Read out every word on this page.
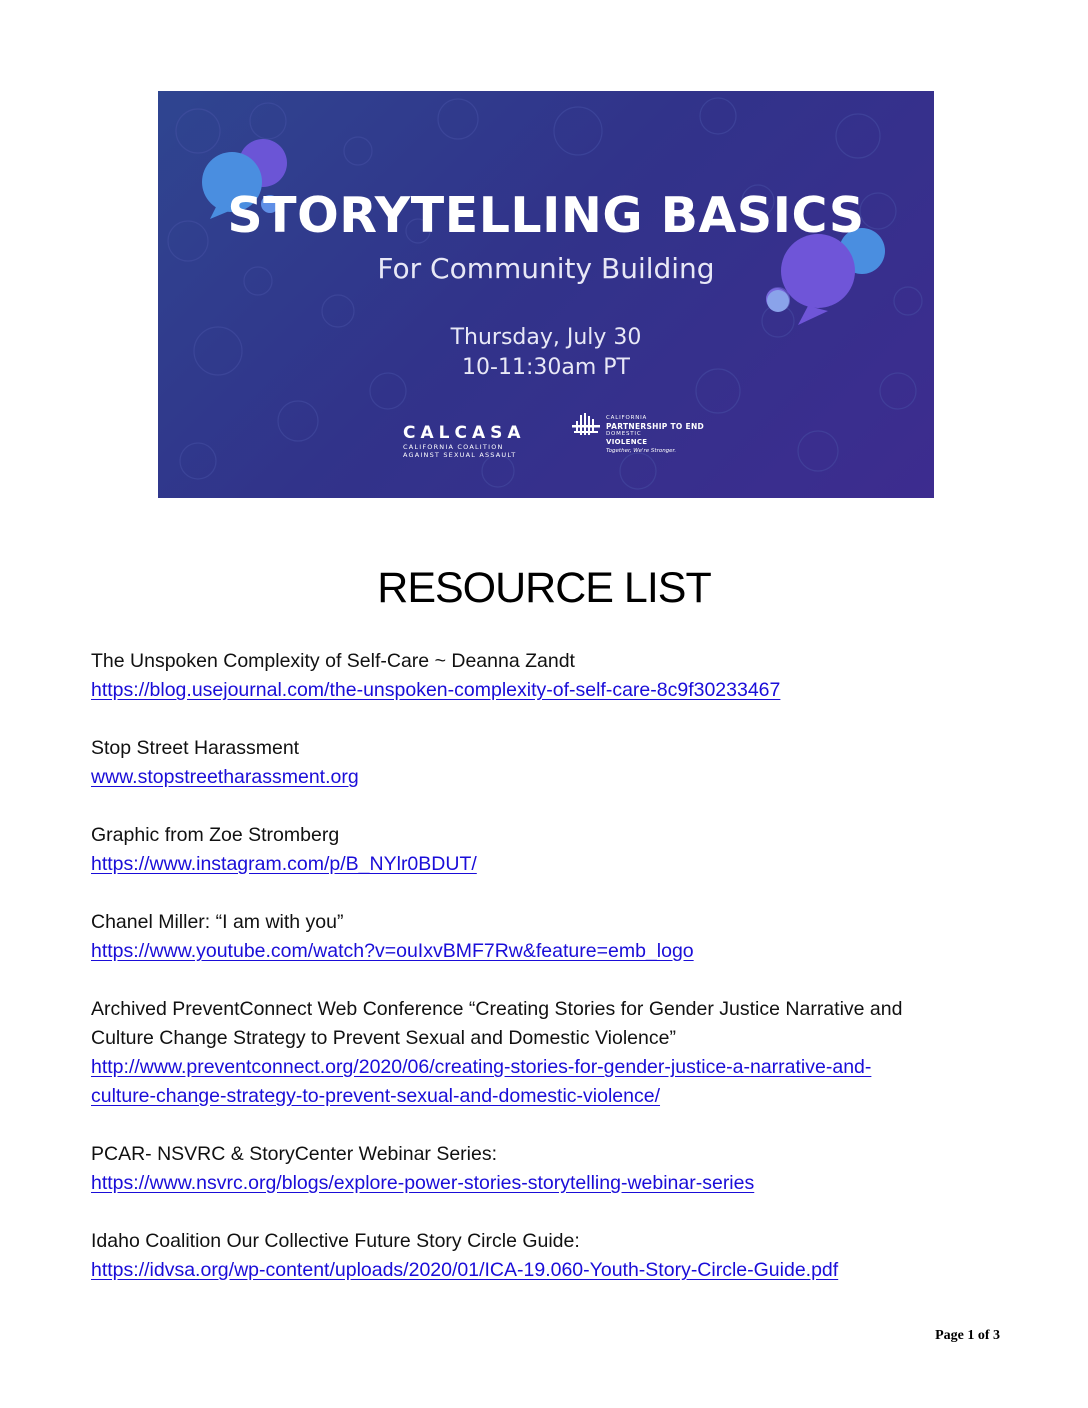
STORYTELLING BASICS
For Community Building
Thursday, July 30
10-11:30am PT
CALCASA
CALIFORNIA COALITION
AGAINST SEXUAL ASSAULT
CALIFORNIA
PARTNERSHIP TO END
DOMESTIC
VIOLENCE
Together, We're Stronger.
RESOURCE LIST
The Unspoken Complexity of Self-Care ~ Deanna Zandt
https://blog.usejournal.com/the-unspoken-complexity-of-self-care-8c9f30233467
Stop Street Harassment
www.stopstreetharassment.org
Graphic from Zoe Stromberg
https://www.instagram.com/p/B_NYlr0BDUT/
Chanel Miller: “I am with you”
https://www.youtube.com/watch?v=ouIxvBMF7Rw&feature=emb_logo
Archived PreventConnect Web Conference “Creating Stories for Gender Justice Narrative and
Culture Change Strategy to Prevent Sexual and Domestic Violence”
http://www.preventconnect.org/2020/06/creating-stories-for-gender-justice-a-narrative-and-
culture-change-strategy-to-prevent-sexual-and-domestic-violence/
PCAR- NSVRC & StoryCenter Webinar Series:
https://www.nsvrc.org/blogs/explore-power-stories-storytelling-webinar-series
Idaho Coalition Our Collective Future Story Circle Guide:
https://idvsa.org/wp-content/uploads/2020/01/ICA-19.060-Youth-Story-Circle-Guide.pdf
Page 1 of 3
